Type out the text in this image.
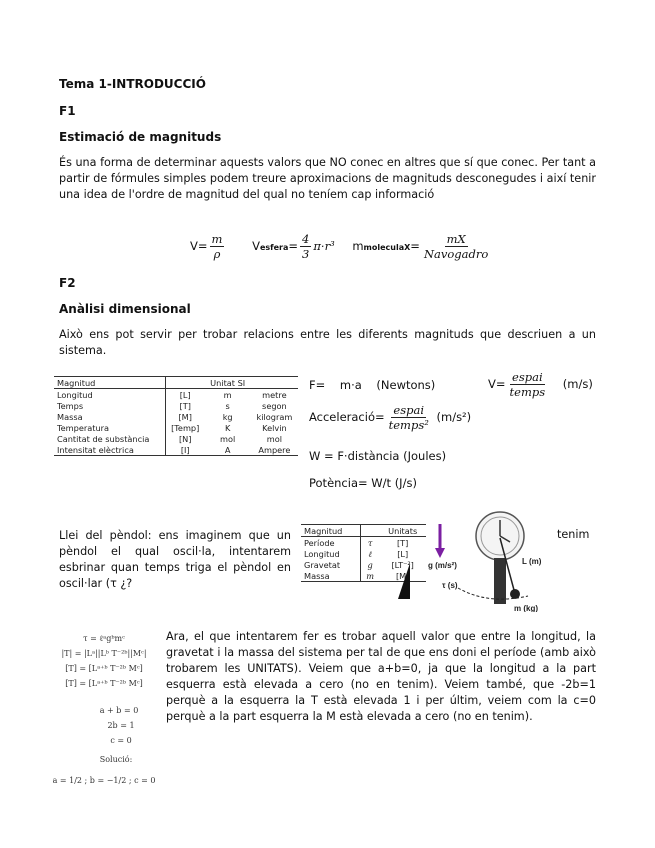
Tema 1-INTRODUCCIÓ
F1
Estimació de magnituds
És una forma de determinar aquests valors que NO conec en altres que sí que conec. Per tant a partir de fórmules simples podem treure aproximacions de magnituds desconegudes i així tenir una idea de l'ordre de magnitud del qual no teníem cap informació
$V= \frac{m}{\rho}$ Vesfera= $\frac{4}{3} \pi\cdot r^3$ mmoleculaX= $\frac{mX}{\text{Navogadro}}$
F2
Anàlisi dimensional
Això ens pot servir per trobar relacions entre les diferents magnituds que descriuen a un sistema.
Magnitud		Unitat SI	
Longitud	[L]	m	metre
Temps	[T]	s	segon
Massa	[M]	kg	kilogram
Temperatura	[Temp]	K	Kelvin
Cantitat de substància	[N]	mol	mol
Intensitat elèctrica	[I]	A	Ampere
F=    m·a    (Newtons)	$V= \frac{\text{espai}}{\text{temps}} (m/s)$
Acceleració= $\frac{\text{espai}}{\text{temps²}} (m/s^2)$
W = F·distància (Joules)
Potència= W/t (J/s)
Llei del pèndol: ens imaginem que un pèndol el qual oscil·la, intentarem esbrinar quan temps triga el pèndol en oscil·lar (τ ¿?
tenim
Magnitud		Unitats
Període	τ	[T]
Longitud	ℓ	[L]
Gravetat	g	[LT⁻²]
Massa	m	[M]
g (m/s²)	L (m)
τ (s)
m (kg)
τ = ℓᵃgᵇmᶜ
|T| = |Lᵃ||Lᵇ T⁻²ᵇ||Mᶜ|
[T] = [Lᵃ⁺ᵇ T⁻²ᵇ Mᶜ]
[T] = [Lᵃ⁺ᵇ T⁻²ᵇ Mᶜ]
a + b = 0
2b = 1
c = 0
Solució:
a = 1/2 ; b = −1/2 ; c = 0
Ara, el que intentarem fer es trobar aquell valor que entre la longitud, la gravetat i la massa del sistema per tal de que ens doni el període (amb això trobarem les UNITATS). Veiem que a+b=0, ja que la longitud a la part esquerra està elevada a cero (no en tenim). Veiem també, que -2b=1 perquè a la esquerra la T està elevada 1 i per últim, veiem com la c=0 perquè a la part esquerra la M està elevada a cero (no en tenim).
